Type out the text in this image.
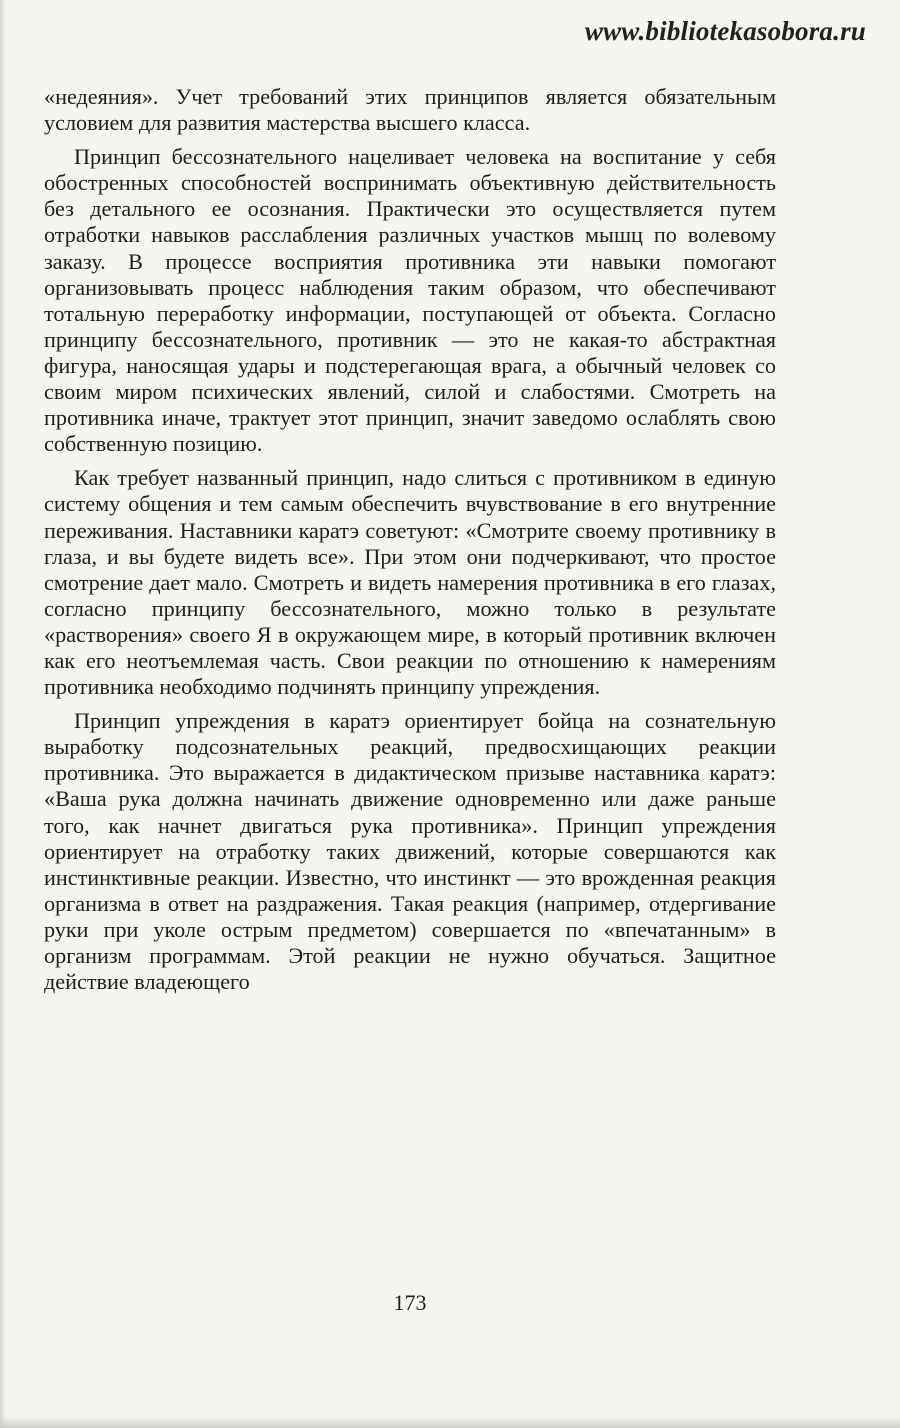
www.bibliotekasobora.ru

«недеяния». Учет требований этих принципов является обязательным условием для развития мастерства высшего класса.

Принцип бессознательного нацеливает человека на воспитание у себя обостренных способностей воспринимать объективную действительность без детального ее осознания. Практически это осуществляется путем отработки навыков расслабления различных участков мышц по волевому заказу. В процессе восприятия противника эти навыки помогают организовывать процесс наблюдения таким образом, что обеспечивают тотальную переработку информации, поступающей от объекта. Согласно принципу бессознательного, противник — это не какая-то абстрактная фигура, наносящая удары и подстерегающая врага, а обычный человек со своим миром психических явлений, силой и слабостями. Смотреть на противника иначе, трактует этот принцип, значит заведомо ослаблять свою собственную позицию.

Как требует названный принцип, надо слиться с противником в единую систему общения и тем самым обеспечить вчувствование в его внутренние переживания. Наставники каратэ советуют: «Смотрите своему противнику в глаза, и вы будете видеть все». При этом они подчеркивают, что простое смотрение дает мало. Смотреть и видеть намерения противника в его глазах, согласно принципу бессознательного, можно только в результате «растворения» своего Я в окружающем мире, в который противник включен как его неотъемлемая часть. Свои реакции по отношению к намерениям противника необходимо подчинять принципу упреждения.

Принцип упреждения в каратэ ориентирует бойца на сознательную выработку подсознательных реакций, предвосхищающих реакции противника. Это выражается в дидактическом призыве наставника каратэ: «Ваша рука должна начинать движение одновременно или даже раньше того, как начнет двигаться рука противника». Принцип упреждения ориентирует на отработку таких движений, которые совершаются как инстинктивные реакции. Известно, что инстинкт — это врожденная реакция организма в ответ на раздражения. Такая реакция (например, отдергивание руки при уколе острым предметом) совершается по «впечатанным» в организм программам. Этой реакции не нужно обучаться. Защитное действие владеющего

173
